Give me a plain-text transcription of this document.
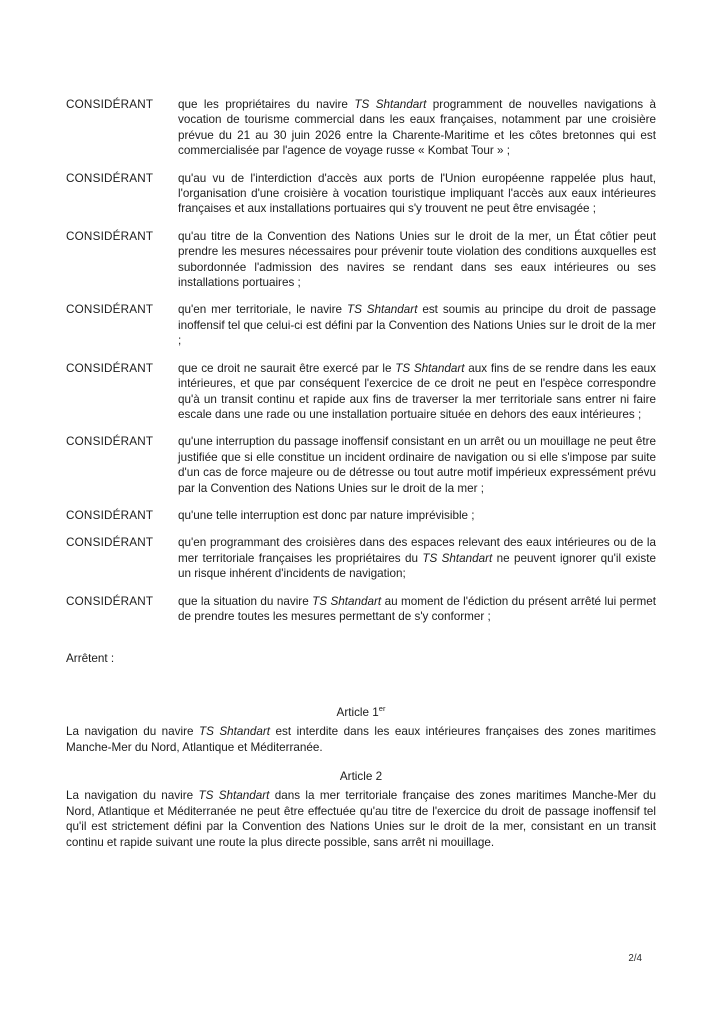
CONSIDÉRANT	que les propriétaires du navire TS Shtandart programment de nouvelles navigations à vocation de tourisme commercial dans les eaux françaises, notamment par une croisière prévue du 21 au 30 juin 2026 entre la Charente-Maritime et les côtes bretonnes qui est commercialisée par l'agence de voyage russe « Kombat Tour » ;
CONSIDÉRANT	qu'au vu de l'interdiction d'accès aux ports de l'Union européenne rappelée plus haut, l'organisation d'une croisière à vocation touristique impliquant l'accès aux eaux intérieures françaises et aux installations portuaires qui s'y trouvent ne peut être envisagée ;
CONSIDÉRANT	qu'au titre de la Convention des Nations Unies sur le droit de la mer, un État côtier peut prendre les mesures nécessaires pour prévenir toute violation des conditions auxquelles est subordonnée l'admission des navires se rendant dans ses eaux intérieures ou ses installations portuaires ;
CONSIDÉRANT	qu'en mer territoriale, le navire TS Shtandart est soumis au principe du droit de passage inoffensif tel que celui-ci est défini par la Convention des Nations Unies sur le droit de la mer ;
CONSIDÉRANT	que ce droit ne saurait être exercé par le TS Shtandart aux fins de se rendre dans les eaux intérieures, et que par conséquent l'exercice de ce droit ne peut en l'espèce correspondre qu'à un transit continu et rapide aux fins de traverser la mer territoriale sans entrer ni faire escale dans une rade ou une installation portuaire située en dehors des eaux intérieures ;
CONSIDÉRANT	qu'une interruption du passage inoffensif consistant en un arrêt ou un mouillage ne peut être justifiée que si elle constitue un incident ordinaire de navigation ou si elle s'impose par suite d'un cas de force majeure ou de détresse ou tout autre motif impérieux expressément prévu par la Convention des Nations Unies sur le droit de la mer ;
CONSIDÉRANT	qu'une telle interruption est donc par nature imprévisible ;
CONSIDÉRANT	qu'en programmant des croisières dans des espaces relevant des eaux intérieures ou de la mer territoriale françaises les propriétaires du TS Shtandart ne peuvent ignorer qu'il existe un risque inhérent d'incidents de navigation;
CONSIDÉRANT	que la situation du navire TS Shtandart au moment de l'édiction du présent arrêté lui permet de prendre toutes les mesures permettant de s'y conformer ;
Arrêtent :
Article 1er
La navigation du navire TS Shtandart est interdite dans les eaux intérieures françaises des zones maritimes Manche-Mer du Nord, Atlantique et Méditerranée.
Article 2
La navigation du navire TS Shtandart dans la mer territoriale française des zones maritimes Manche-Mer du Nord, Atlantique et Méditerranée ne peut être effectuée qu'au titre de l'exercice du droit de passage inoffensif tel qu'il est strictement défini par la Convention des Nations Unies sur le droit de la mer, consistant en un transit continu et rapide suivant une route la plus directe possible, sans arrêt ni mouillage.
2/4
